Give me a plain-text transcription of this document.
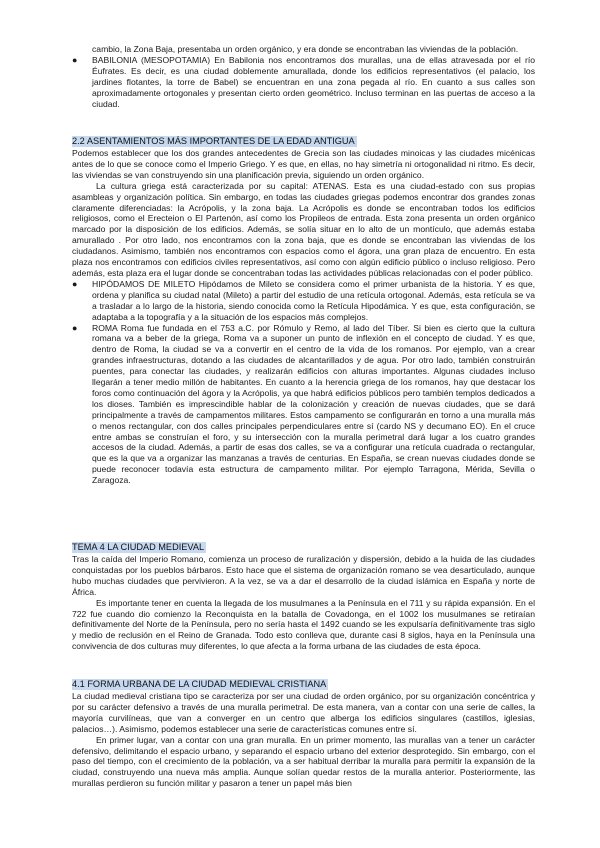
cambio, la Zona Baja, presentaba un orden orgánico, y era donde se encontraban las viviendas de la población.

● BABILONIA (MESOPOTAMIA) En Babilonia nos encontramos dos murallas, una de ellas atravesada por el río Éufrates. Es decir, es una ciudad doblemente amurallada, donde los edificios representativos (el palacio, los jardines flotantes, la torre de Babel) se encuentran en una zona pegada al río. En cuanto a sus calles son aproximadamente ortogonales y presentan cierto orden geométrico. Incluso terminan en las puertas de acceso a la ciudad.
2.2 ASENTAMIENTOS MÁS IMPORTANTES DE LA EDAD ANTIGUA

Podemos establecer que los dos grandes antecedentes de Grecia son las ciudades minoicas y las ciudades micénicas antes de lo que se conoce como el Imperio Griego. Y es que, en ellas, no hay simetría ni ortogonalidad ni ritmo. Es decir, las viviendas se van construyendo sin una planificación previa, siguiendo un orden orgánico.

La cultura griega está caracterizada por su capital: ATENAS. Esta es una ciudad-estado con sus propias asambleas y organización política. Sin embargo, en todas las ciudades griegas podemos encontrar dos grandes zonas claramente diferenciadas: la Acrópolis, y la zona baja. La Acrópolis es donde se encontraban todos los edificios religiosos, como el Erecteion o El Partenón, así como los Propileos de entrada. Esta zona presenta un orden orgánico marcado por la disposición de los edificios. Además, se solía situar en lo alto de un montículo, que además estaba amurallado . Por otro lado, nos encontramos con la zona baja, que es donde se encontraban las viviendas de los ciudadanos. Asimismo, también nos encontramos con espacios como el ágora, una gran plaza de encuentro. En esta plaza nos encontramos con edificios civiles representativos, así como con algún edificio público o incluso religioso. Pero además, esta plaza era el lugar donde se concentraban todas las actividades públicas relacionadas con el poder público.

● HIPÓDAMOS DE MILETO Hipódamos de Mileto se considera como el primer urbanista de la historia. Y es que, ordena y planifica su ciudad natal (Mileto) a partir del estudio de una retícula ortogonal. Además, esta retícula se va a trasladar a lo largo de la historia, siendo conocida como la Retícula Hipodámica. Y es que, esta configuración, se adaptaba a la topografía y a la situación de los espacios más complejos.
● ROMA Roma fue fundada en el 753 a.C. por Rómulo y Remo, al lado del Tíber. Si bien es cierto que la cultura romana va a beber de la griega, Roma va a suponer un punto de inflexión en el concepto de ciudad. Y es que, dentro de Roma, la ciudad se va a convertir en el centro de la vida de los romanos. Por ejemplo, van a crear grandes infraestructuras, dotando a las ciudades de alcantarillados y de agua. Por otro lado, también construirán puentes, para conectar las ciudades, y realizarán edificios con alturas importantes. Algunas ciudades incluso llegarán a tener medio millón de habitantes. En cuanto a la herencia griega de los romanos, hay que destacar los foros como continuación del ágora y la Acrópolis, ya que habrá edificios públicos pero también templos dedicados a los dioses. También es imprescindible hablar de la colonización y creación de nuevas ciudades, que se dará principalmente a través de campamentos militares. Estos campamento se configurarán en torno a una muralla más o menos rectangular, con dos calles principales perpendiculares entre sí (cardo NS y decumano EO). En el cruce entre ambas se construían el foro, y su intersección con la muralla perimetral dará lugar a los cuatro grandes accesos de la ciudad. Además, a partir de esas dos calles, se va a configurar una retícula cuadrada o rectangular, que es la que va a organizar las manzanas a través de centurias. En España, se crean nuevas ciudades donde se puede reconocer todavía esta estructura de campamento militar. Por ejemplo Tarragona, Mérida, Sevilla o Zaragoza.
TEMA 4 LA CIUDAD MEDIEVAL

Tras la caída del Imperio Romano, comienza un proceso de ruralización y dispersión, debido a la huida de las ciudades conquistadas por los pueblos bárbaros. Esto hace que el sistema de organización romano se vea desarticulado, aunque hubo muchas ciudades que pervivieron. A la vez, se va a dar el desarrollo de la ciudad islámica en España y norte de África.

Es importante tener en cuenta la llegada de los musulmanes a la Península en el 711 y su rápida expansión. En el 722 fue cuando dio comienzo la Reconquista en la batalla de Covadonga, en el 1002 los musulmanes se retiraían definitivamente del Norte de la Península, pero no sería hasta el 1492 cuando se les expulsaría definitivamente tras siglo y medio de reclusión en el Reino de Granada. Todo esto conlleva que, durante casi 8 siglos, haya en la Península una convivencia de dos culturas muy diferentes, lo que afecta a la forma urbana de las ciudades de esta época.

4.1 FORMA URBANA DE LA CIUDAD MEDIEVAL CRISTIANA

La ciudad medieval cristiana tipo se caracteriza por ser una ciudad de orden orgánico, por su organización concéntrica y por su carácter defensivo a través de una muralla perimetral. De esta manera, van a contar con una serie de calles, la mayoría curvilíneas, que van a converger en un centro que alberga los edificios singulares (castillos, iglesias, palacios…). Asimismo, podemos establecer una serie de características comunes entre sí.

En primer lugar, van a contar con una gran muralla. En un primer momento, las murallas van a tener un carácter defensivo, delimitando el espacio urbano, y separando el espacio urbano del exterior desprotegido. Sin embargo, con el paso del tiempo, con el crecimiento de la población, va a ser habitual derribar la muralla para permitir la expansión de la ciudad, construyendo una nueva más amplia. Aunque solían quedar restos de la muralla anterior. Posteriormente, las murallas perdieron su función militar y pasaron a tener un papel más bien
